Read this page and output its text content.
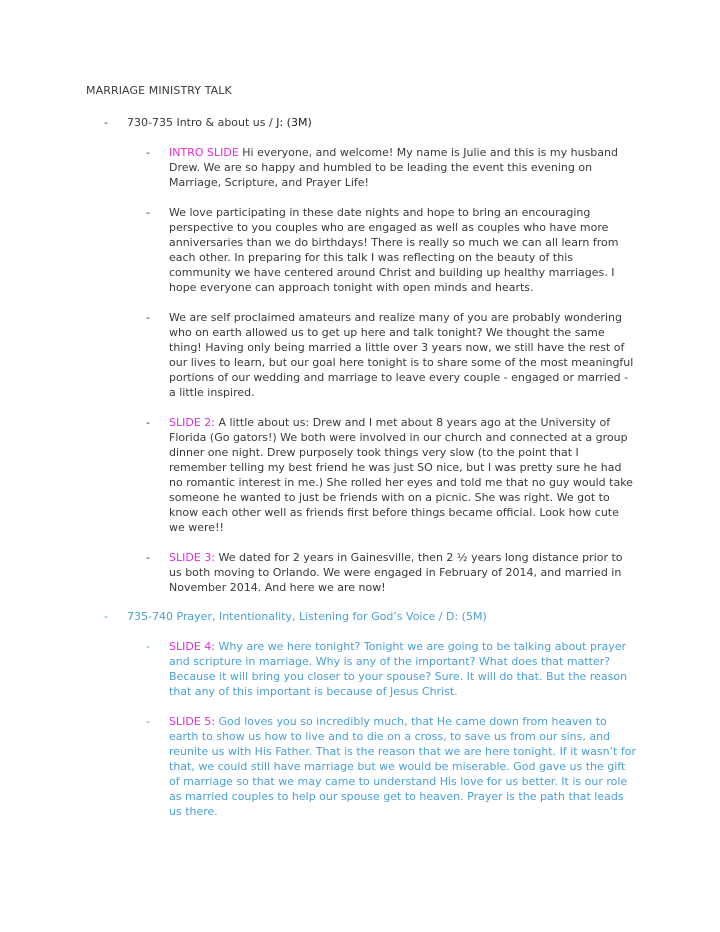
MARRIAGE MINISTRY TALK
-	730-735 Intro & about us / J: (3M)
-	INTRO SLIDE Hi everyone, and welcome! My name is Julie and this is my husband Drew. We are so happy and humbled to be leading the event this evening on Marriage, Scripture, and Prayer Life!
-	We love participating in these date nights and hope to bring an encouraging perspective to you couples who are engaged as well as couples who have more anniversaries than we do birthdays! There is really so much we can all learn from each other. In preparing for this talk I was reflecting on the beauty of this community we have centered around Christ and building up healthy marriages. I hope everyone can approach tonight with open minds and hearts.
-	We are self proclaimed amateurs and realize many of you are probably wondering who on earth allowed us to get up here and talk tonight? We thought the same thing! Having only being married a little over 3 years now, we still have the rest of our lives to learn, but our goal here tonight is to share some of the most meaningful portions of our wedding and marriage to leave every couple - engaged or married - a little inspired.
-	SLIDE 2: A little about us: Drew and I met about 8 years ago at the University of Florida (Go gators!) We both were involved in our church and connected at a group dinner one night. Drew purposely took things very slow (to the point that I remember telling my best friend he was just SO nice, but I was pretty sure he had no romantic interest in me.) She rolled her eyes and told me that no guy would take someone he wanted to just be friends with on a picnic. She was right. We got to know each other well as friends first before things became official. Look how cute we were!!
-	SLIDE 3: We dated for 2 years in Gainesville, then 2 ½ years long distance prior to us both moving to Orlando. We were engaged in February of 2014, and married in November 2014. And here we are now!
-	735-740 Prayer, Intentionality, Listening for God’s Voice / D: (5M)
-	SLIDE 4: Why are we here tonight? Tonight we are going to be talking about prayer and scripture in marriage. Why is any of the important? What does that matter? Because it will bring you closer to your spouse? Sure. It will do that. But the reason that any of this important is because of Jesus Christ.
-	SLIDE 5: God loves you so incredibly much, that He came down from heaven to earth to show us how to live and to die on a cross, to save us from our sins, and reunite us with His Father. That is the reason that we are here tonight. If it wasn’t for that, we could still have marriage but we would be miserable. God gave us the gift of marriage so that we may came to understand His love for us better. It is our role as married couples to help our spouse get to heaven. Prayer is the path that leads us there.
